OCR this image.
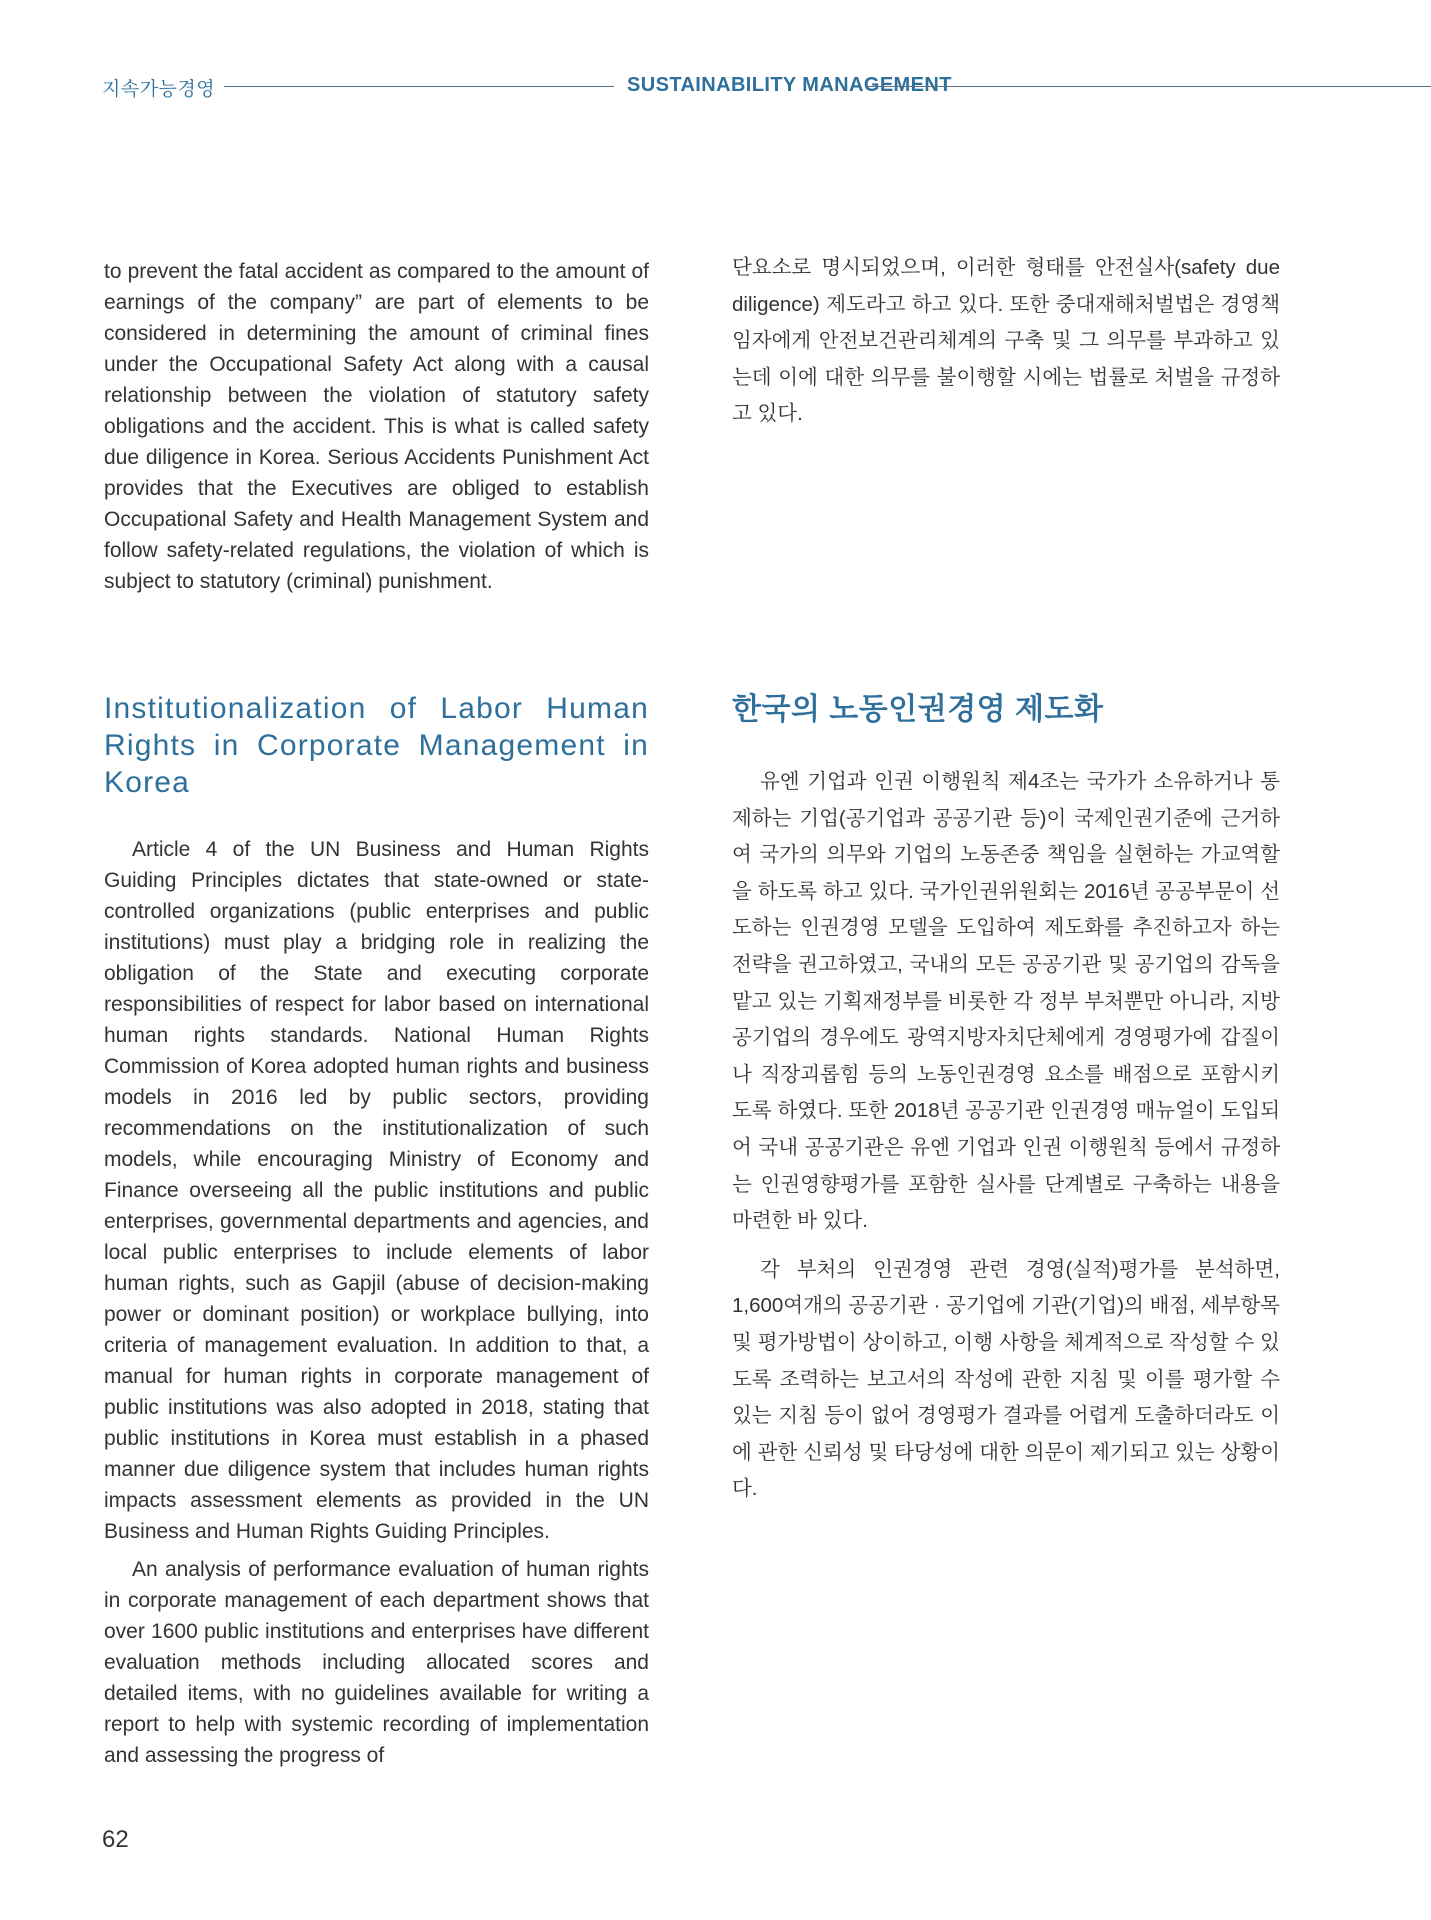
지속가능경영	SUSTAINABILITY MANAGEMENT

to prevent the fatal accident as compared to the amount of earnings of the company” are part of elements to be considered in determining the amount of criminal fines under the Occupational Safety Act along with a causal relationship between the violation of statutory safety obligations and the accident. This is what is called safety due diligence in Korea. Serious Accidents Punishment Act provides that the Executives are obliged to establish Occupational Safety and Health Management System and follow safety-related regulations, the violation of which is subject to statutory (criminal) punishment.

단요소로 명시되었으며, 이러한 형태를 안전실사(safety due diligence) 제도라고 하고 있다. 또한 중대재해처벌법은 경영책임자에게 안전보건관리체계의 구축 및 그 의무를 부과하고 있는데 이에 대한 의무를 불이행할 시에는 법률로 처벌을 규정하고 있다.

Institutionalization of Labor Human Rights in Corporate Management in Korea

Article 4 of the UN Business and Human Rights Guiding Principles dictates that state-owned or state-controlled organizations (public enterprises and public institutions) must play a bridging role in realizing the obligation of the State and executing corporate responsibilities of respect for labor based on international human rights standards. National Human Rights Commission of Korea adopted human rights and business models in 2016 led by public sectors, providing recommendations on the institutionalization of such models, while encouraging Ministry of Economy and Finance overseeing all the public institutions and public enterprises, governmental departments and agencies, and local public enterprises to include elements of labor human rights, such as Gapjil (abuse of decision-making power or dominant position) or workplace bullying, into criteria of management evaluation. In addition to that, a manual for human rights in corporate management of public institutions was also adopted in 2018, stating that public institutions in Korea must establish in a phased manner due diligence system that includes human rights impacts assessment elements as provided in the UN Business and Human Rights Guiding Principles.

An analysis of performance evaluation of human rights in corporate management of each department shows that over 1600 public institutions and enterprises have different evaluation methods including allocated scores and detailed items, with no guidelines available for writing a report to help with systemic recording of implementation and assessing the progress of

한국의 노동인권경영 제도화

유엔 기업과 인권 이행원칙 제4조는 국가가 소유하거나 통제하는 기업(공기업과 공공기관 등)이 국제인권기준에 근거하여 국가의 의무와 기업의 노동존중 책임을 실현하는 가교역할을 하도록 하고 있다. 국가인권위원회는 2016년 공공부문이 선도하는 인권경영 모델을 도입하여 제도화를 추진하고자 하는 전략을 권고하였고, 국내의 모든 공공기관 및 공기업의 감독을 맡고 있는 기획재정부를 비롯한 각 정부 부처뿐만 아니라, 지방공기업의 경우에도 광역지방자치단체에게 경영평가에 갑질이나 직장괴롭힘 등의 노동인권경영 요소를 배점으로 포함시키도록 하였다. 또한 2018년 공공기관 인권경영 매뉴얼이 도입되어 국내 공공기관은 유엔 기업과 인권 이행원칙 등에서 규정하는 인권영향평가를 포함한 실사를 단계별로 구축하는 내용을 마련한 바 있다.

각 부처의 인권경영 관련 경영(실적)평가를 분석하면, 1,600여개의 공공기관 · 공기업에 기관(기업)의 배점, 세부항목 및 평가방법이 상이하고, 이행 사항을 체계적으로 작성할 수 있도록 조력하는 보고서의 작성에 관한 지침 및 이를 평가할 수 있는 지침 등이 없어 경영평가 결과를 어렵게 도출하더라도 이에 관한 신뢰성 및 타당성에 대한 의문이 제기되고 있는 상황이다.

62
